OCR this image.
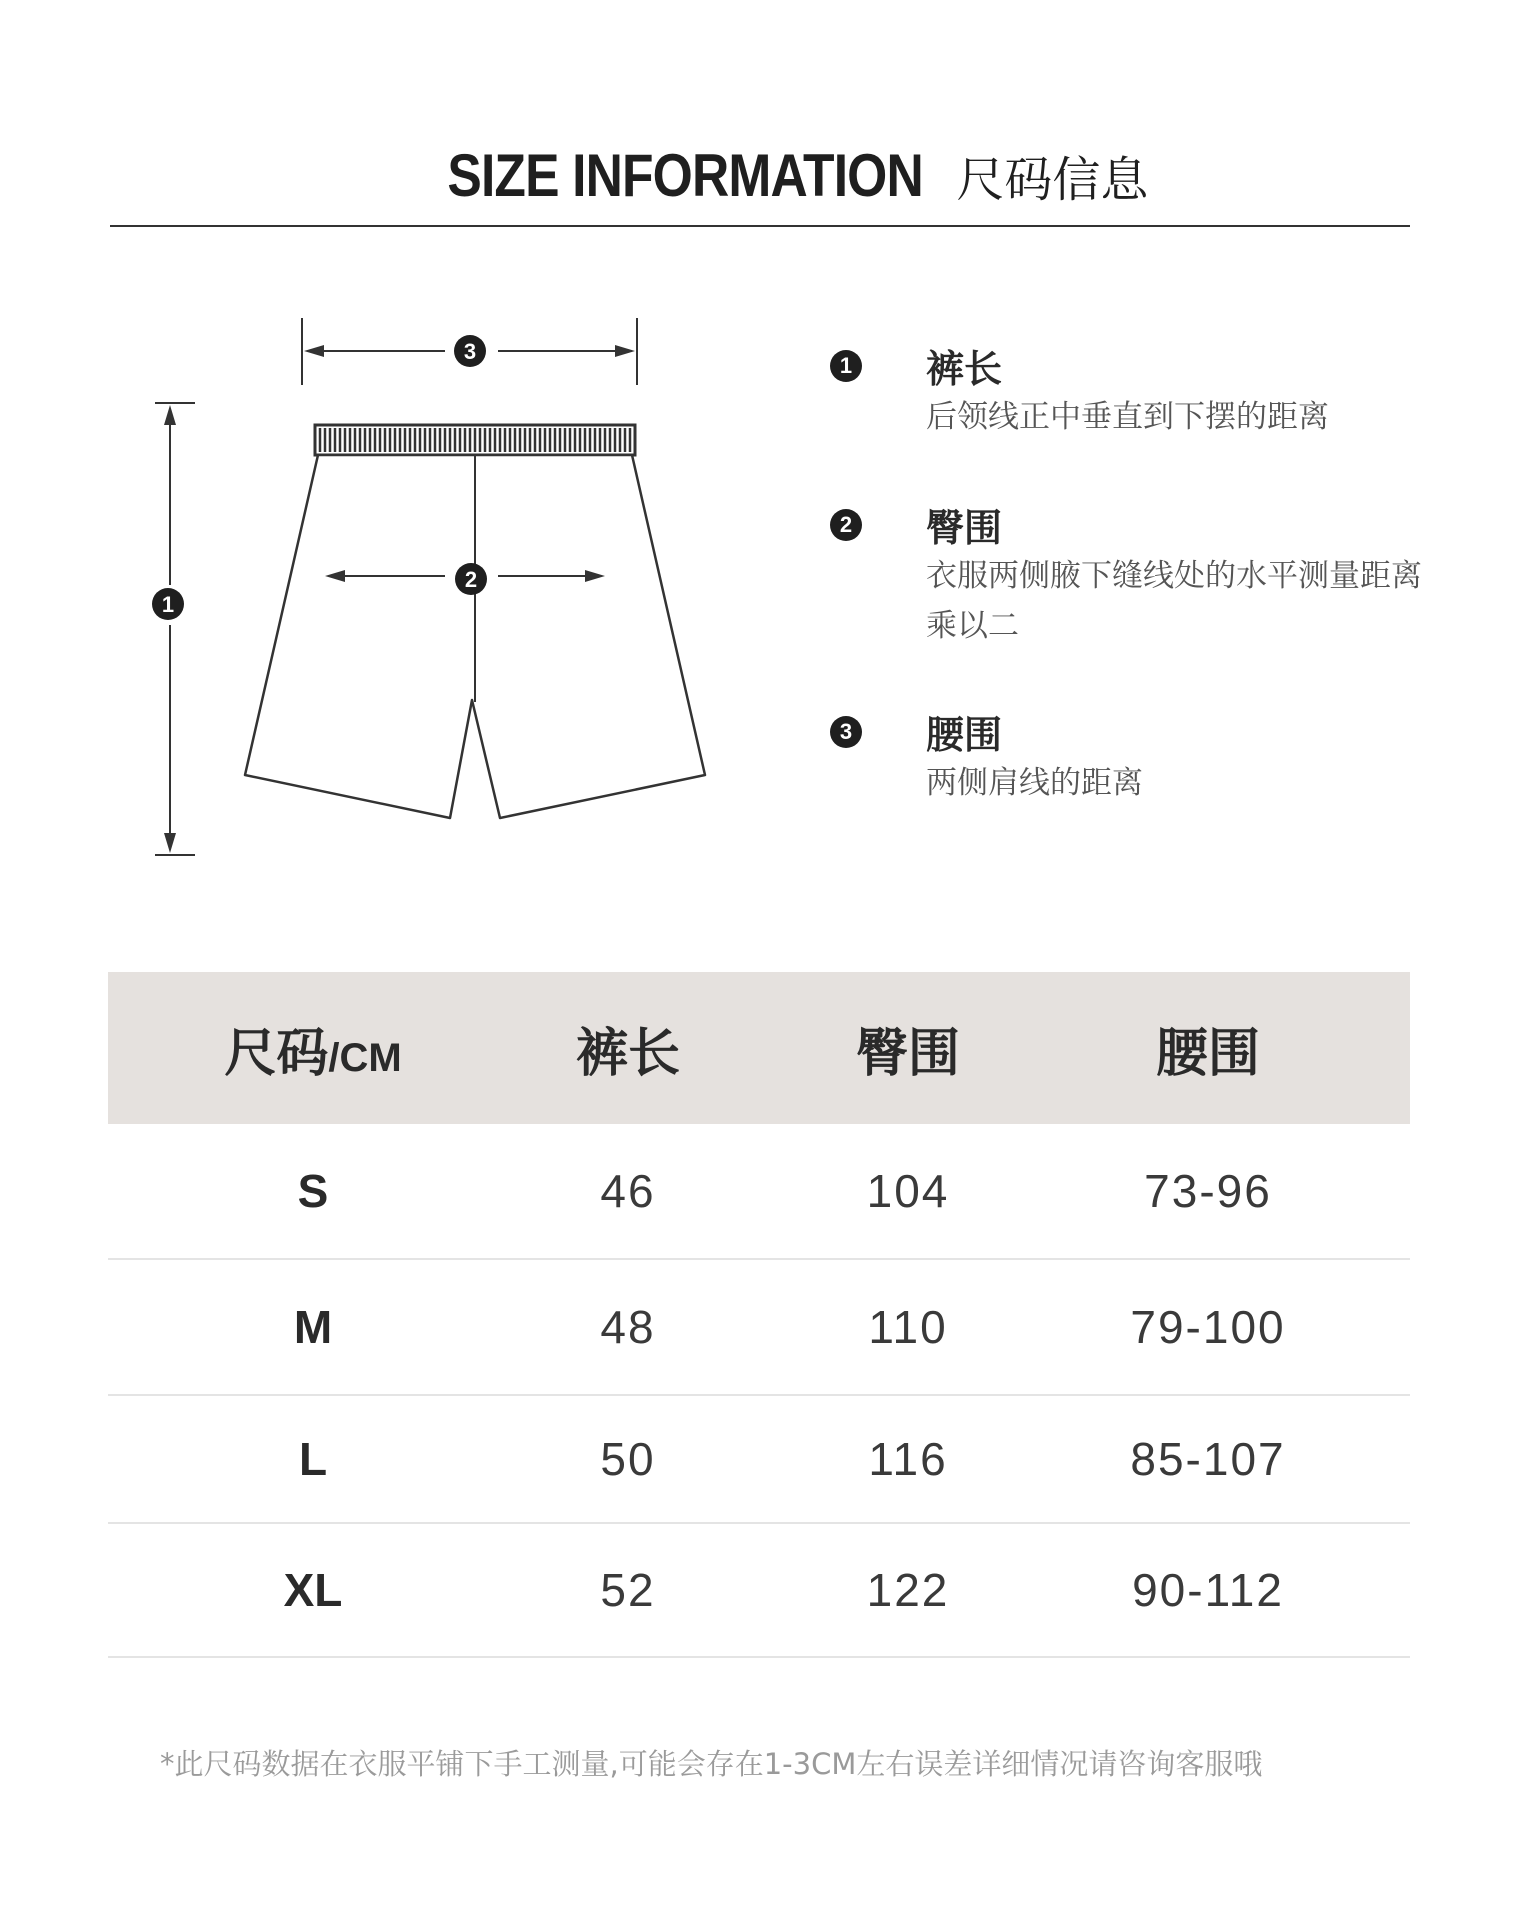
SIZE INFORMATION 尺码信息
1
2
3
1 裤长
后领线正中垂直到下摆的距离
2 臀围
衣服两侧腋下缝线处的水平测量距离乘以二
3 腰围
两侧肩线的距离
尺码/CM	裤长	臀围	腰围
S	46	104	73-96
M	48	110	79-100
L	50	116	85-107
XL	52	122	90-112
*此尺码数据在衣服平铺下手工测量,可能会存在1-3CM左右误差详细情况请咨询客服哦
